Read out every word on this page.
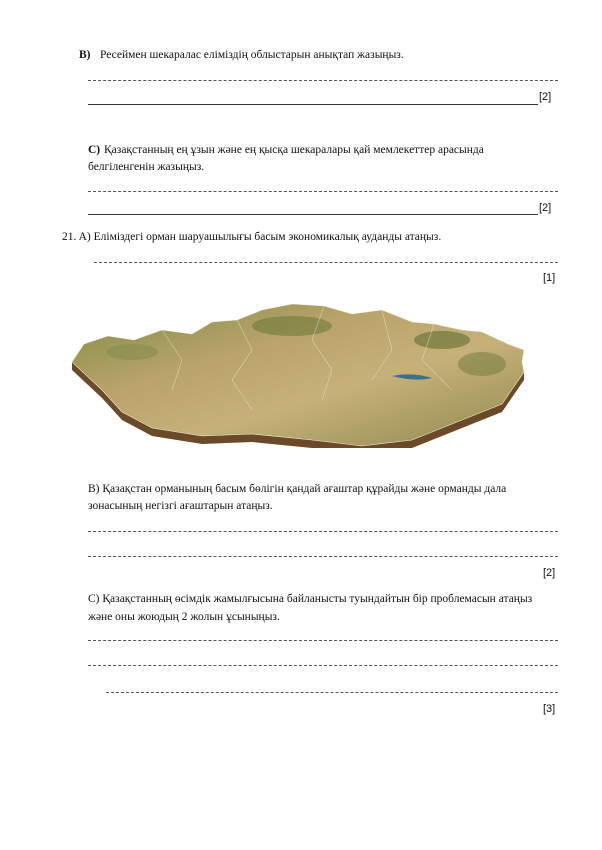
B) Ресеймен шекаралас еліміздің облыстарын анықтап жазыңыз.
[2]
C) Қазақстанның ең ұзын және ең қысқа шекаралары қай мемлекеттер арасында
белгіленгенін жазыңыз.
[2]
21. A) Еліміздегі орман шаруашылығы басым экономикалық ауданды атаңыз.
[1]
B) Қазақстан орманының басым бөлігін қандай ағаштар құрайды және орманды дала
зонасының негізгі ағаштарын атаңыз.
[2]
C) Қазақстанның өсімдік жамылғысына байланысты туындайтын бір проблемасын атаңыз
және оны жоюдың 2 жолын ұсыныңыз.
[3]
